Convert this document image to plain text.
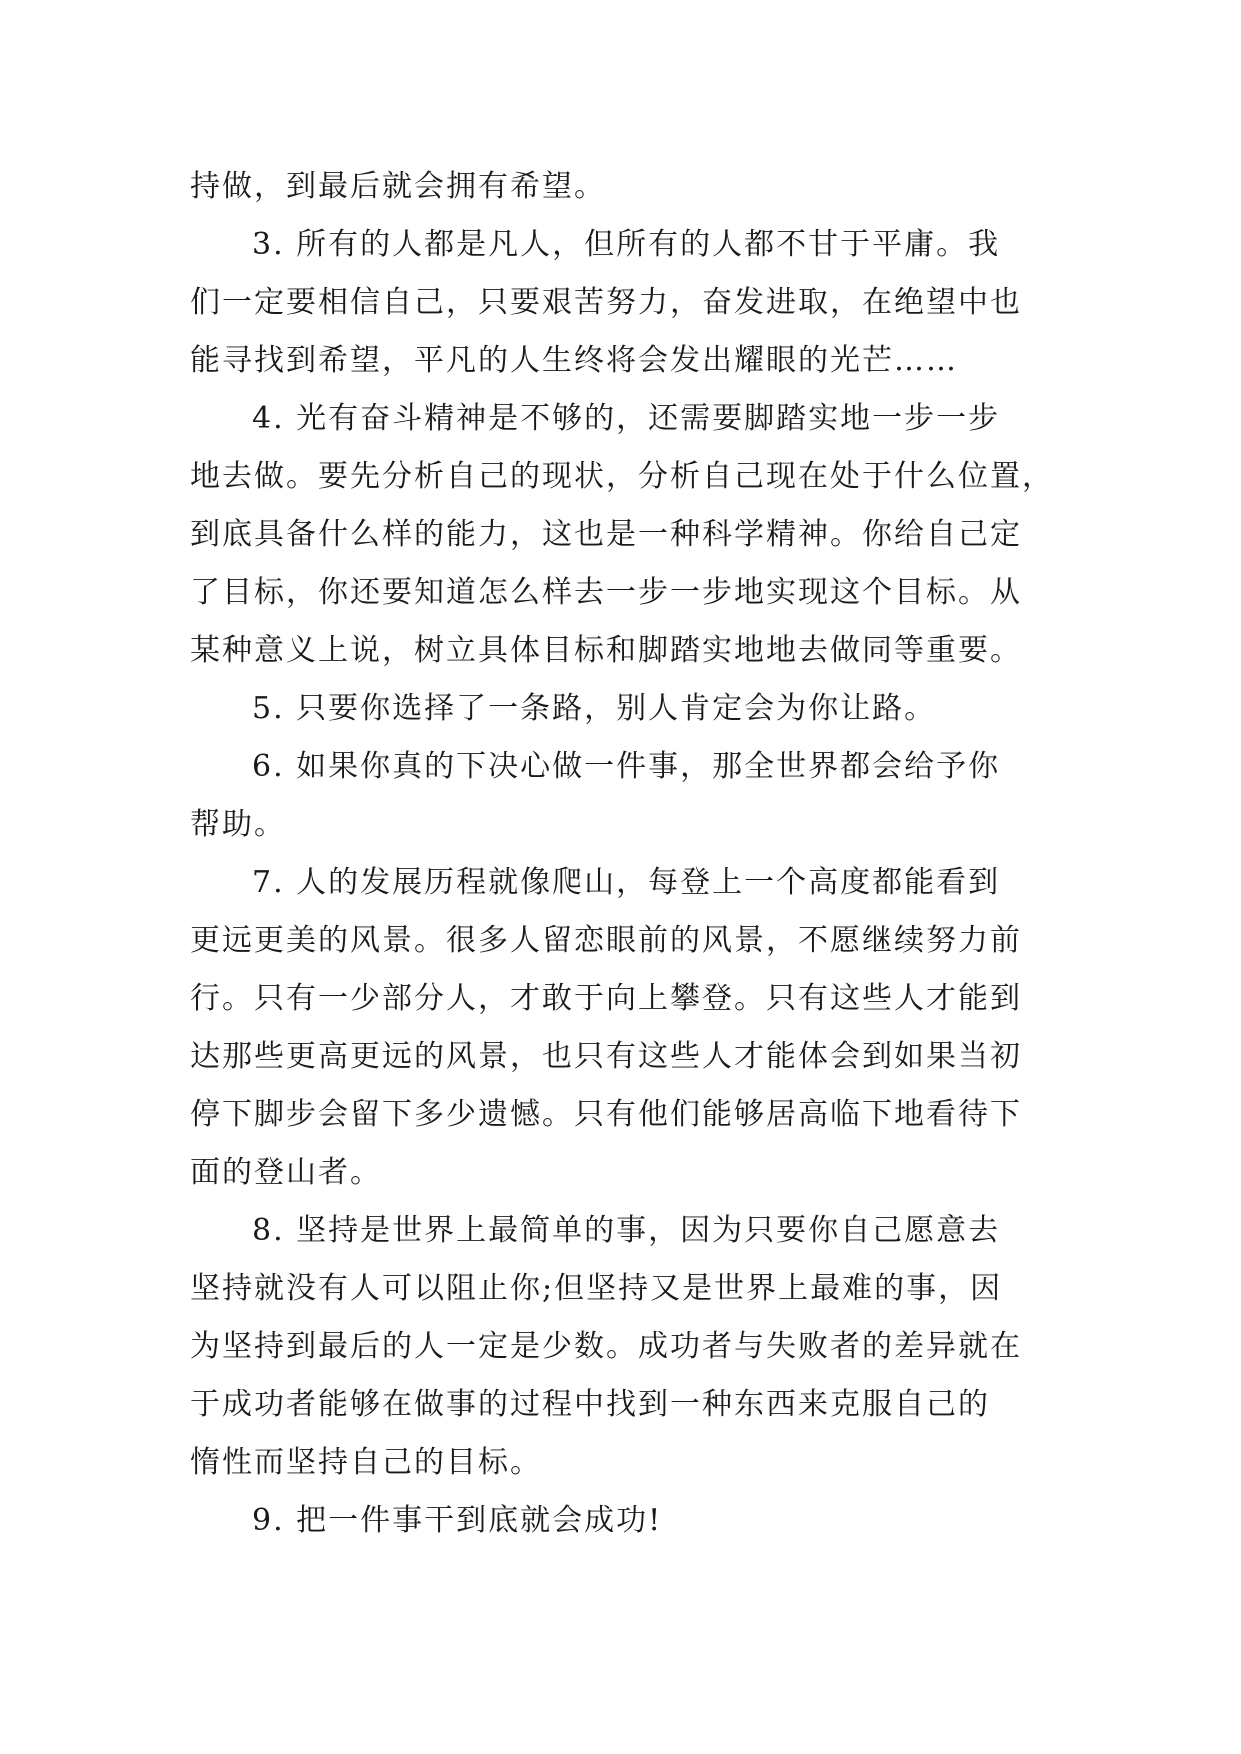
持做，到最后就会拥有希望。
3. 所有的人都是凡人，但所有的人都不甘于平庸。我
们一定要相信自己，只要艰苦努力，奋发进取，在绝望中也
能寻找到希望，平凡的人生终将会发出耀眼的光芒……
4. 光有奋斗精神是不够的，还需要脚踏实地一步一步
地去做。要先分析自己的现状，分析自己现在处于什么位置，
到底具备什么样的能力，这也是一种科学精神。你给自己定
了目标，你还要知道怎么样去一步一步地实现这个目标。从
某种意义上说，树立具体目标和脚踏实地地去做同等重要。
5. 只要你选择了一条路，别人肯定会为你让路。
6. 如果你真的下决心做一件事，那全世界都会给予你
帮助。
7. 人的发展历程就像爬山，每登上一个高度都能看到
更远更美的风景。很多人留恋眼前的风景，不愿继续努力前
行。只有一少部分人，才敢于向上攀登。只有这些人才能到
达那些更高更远的风景，也只有这些人才能体会到如果当初
停下脚步会留下多少遗憾。只有他们能够居高临下地看待下
面的登山者。
8. 坚持是世界上最简单的事，因为只要你自己愿意去
坚持就没有人可以阻止你;但坚持又是世界上最难的事，因
为坚持到最后的人一定是少数。成功者与失败者的差异就在
于成功者能够在做事的过程中找到一种东西来克服自己的
惰性而坚持自己的目标。
9. 把一件事干到底就会成功!
